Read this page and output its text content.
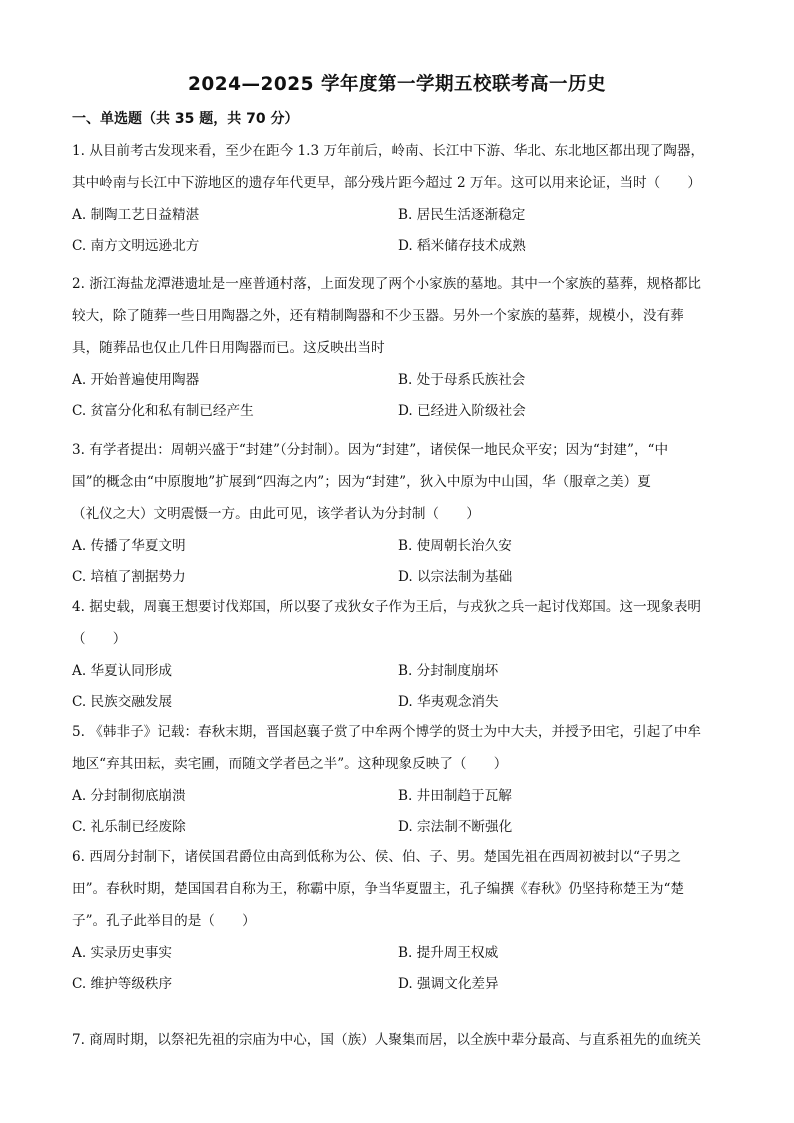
2024—2025 学年度第一学期五校联考高一历史
一、单选题（共 35 题，共 70 分）
1. 从目前考古发现来看，至少在距今 1.3 万年前后，岭南、长江中下游、华北、东北地区都出现了陶器，
其中岭南与长江中下游地区的遗存年代更早，部分残片距今超过 2 万年。这可以用来论证，当时（　　）
A. 制陶工艺日益精湛	B. 居民生活逐渐稳定
C. 南方文明远逊北方	D. 稻米储存技术成熟
2. 浙江海盐龙潭港遗址是一座普通村落，上面发现了两个小家族的墓地。其中一个家族的墓葬，规格都比
较大，除了随葬一些日用陶器之外，还有精制陶器和不少玉器。另外一个家族的墓葬，规模小，没有葬
具，随葬品也仅止几件日用陶器而已。这反映出当时
A. 开始普遍使用陶器	B. 处于母系氏族社会
C. 贫富分化和私有制已经产生	D. 已经进入阶级社会
3. 有学者提出：周朝兴盛于“封建”（分封制）。因为“封建”，诸侯保一地民众平安；因为“封建”，“中
国”的概念由“中原腹地”扩展到“四海之内”；因为“封建”，狄入中原为中山国，华（服章之美）夏
（礼仪之大）文明震慑一方。由此可见，该学者认为分封制（　　）
A. 传播了华夏文明	B. 使周朝长治久安
C. 培植了割据势力	D. 以宗法制为基础
4. 据史载，周襄王想要讨伐郑国，所以娶了戎狄女子作为王后，与戎狄之兵一起讨伐郑国。这一现象表明
（　　）
A. 华夏认同形成	B. 分封制度崩坏
C. 民族交融发展	D. 华夷观念消失
5. 《韩非子》记载：春秋末期，晋国赵襄子赏了中牟两个博学的贤士为中大夫，并授予田宅，引起了中牟
地区“弃其田耘，卖宅圃，而随文学者邑之半”。这种现象反映了（　　）
A. 分封制彻底崩溃	B. 井田制趋于瓦解
C. 礼乐制已经废除	D. 宗法制不断强化
6. 西周分封制下，诸侯国君爵位由高到低称为公、侯、伯、子、男。楚国先祖在西周初被封以“子男之
田”。春秋时期，楚国国君自称为王，称霸中原，争当华夏盟主，孔子编撰《春秋》仍坚持称楚王为“楚
子”。孔子此举目的是（　　）
A. 实录历史事实	B. 提升周王权威
C. 维护等级秩序	D. 强调文化差异
7. 商周时期，以祭祀先祖的宗庙为中心，国（族）人聚集而居，以全族中辈分最高、与直系祖先的血统关
